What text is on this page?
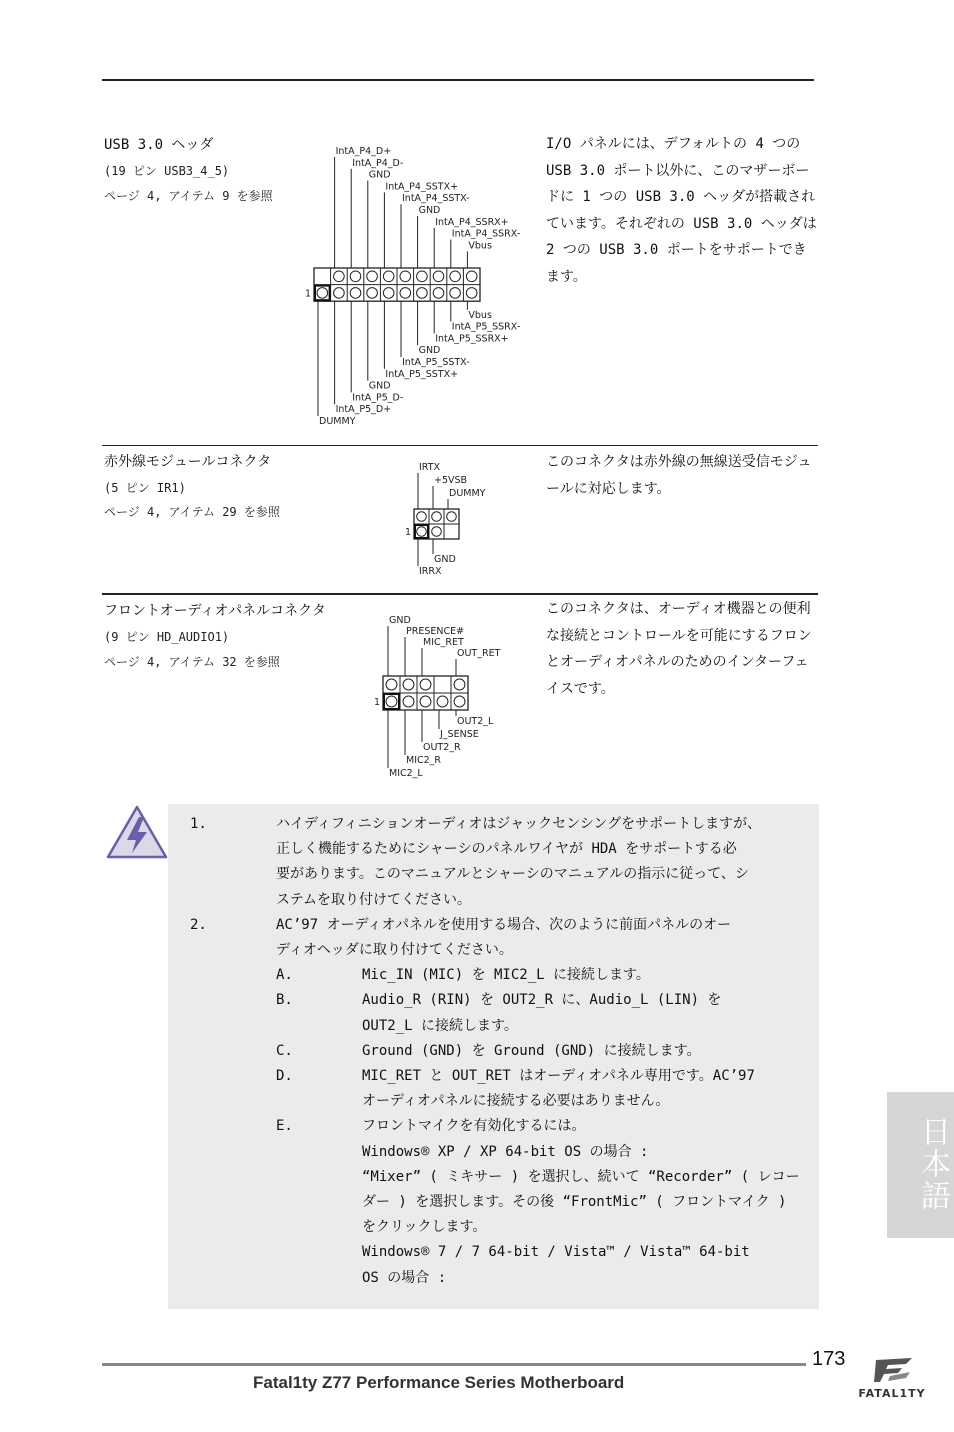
USB 3.0 ヘッダ
(19 ピン USB3_4_5)
ページ 4, アイテム 9 を参照
1
IntA_P4_D+
IntA_P4_D-
GND
IntA_P4_SSTX+
IntA_P4_SSTX-
GND
IntA_P4_SSRX+
IntA_P4_SSRX-
Vbus
DUMMY
IntA_P5_D+
IntA_P5_D-
GND
IntA_P5_SSTX+
IntA_P5_SSTX-
GND
IntA_P5_SSRX+
IntA_P5_SSRX-
Vbus
I/O パネルには、デフォルトの 4 つの USB 3.0 ポート以外に、このマザーボードに 1 つの USB 3.0 ヘッダが搭載されています。それぞれの USB 3.0 ヘッダは 2 つの USB 3.0 ポートをサポートできます。
赤外線モジュールコネクタ
(5 ピン IR1)
ページ 4, アイテム 29 を参照
1
IRTX
+5VSB
DUMMY
IRRX
GND
このコネクタは赤外線の無線送受信モジュールに対応します。
フロントオーディオパネルコネクタ
(9 ピン HD_AUDIO1)
ページ 4, アイテム 32 を参照
1
GND
PRESENCE#
MIC_RET
OUT_RET
MIC2_L
MIC2_R
OUT2_R
J_SENSE
OUT2_L
このコネクタは、オーディオ機器との便利な接続とコントロールを可能にするフロンとオーディオパネルのためのインターフェイスです。
1.	ハイディフィニションオーディオはジャックセンシングをサポートしますが、
正しく機能するためにシャーシのパネルワイヤが HDA をサポートする必
要があります。このマニュアルとシャーシのマニュアルの指示に従って、シ
ステムを取り付けてください。
2.	AC’97 オーディオパネルを使用する場合、次のように前面パネルのオー
ディオヘッダに取り付けてください。
A.	Mic_IN (MIC) を MIC2_L に接続します。
B.	Audio_R (RIN) を OUT2_R に、Audio_L (LIN) を
OUT2_L に接続します。
C.	Ground (GND) を Ground (GND) に接続します。
D.	MIC_RET と OUT_RET はオーディオパネル専用です。AC’97
オーディオパネルに接続する必要はありません。
E.	フロントマイクを有効化するには。
Windows® XP / XP 64-bit OS の場合 :
“Mixer” ( ミキサー ) を選択し、続いて “Recorder” ( レコー
ダー ) を選択します。その後 “FrontMic” ( フロントマイク )
をクリックします。
Windows® 7 / 7 64-bit / Vista™ / Vista™ 64-bit
OS の場合 :
日本語
173
Fatal1ty Z77 Performance Series Motherboard
FATAL1TY
